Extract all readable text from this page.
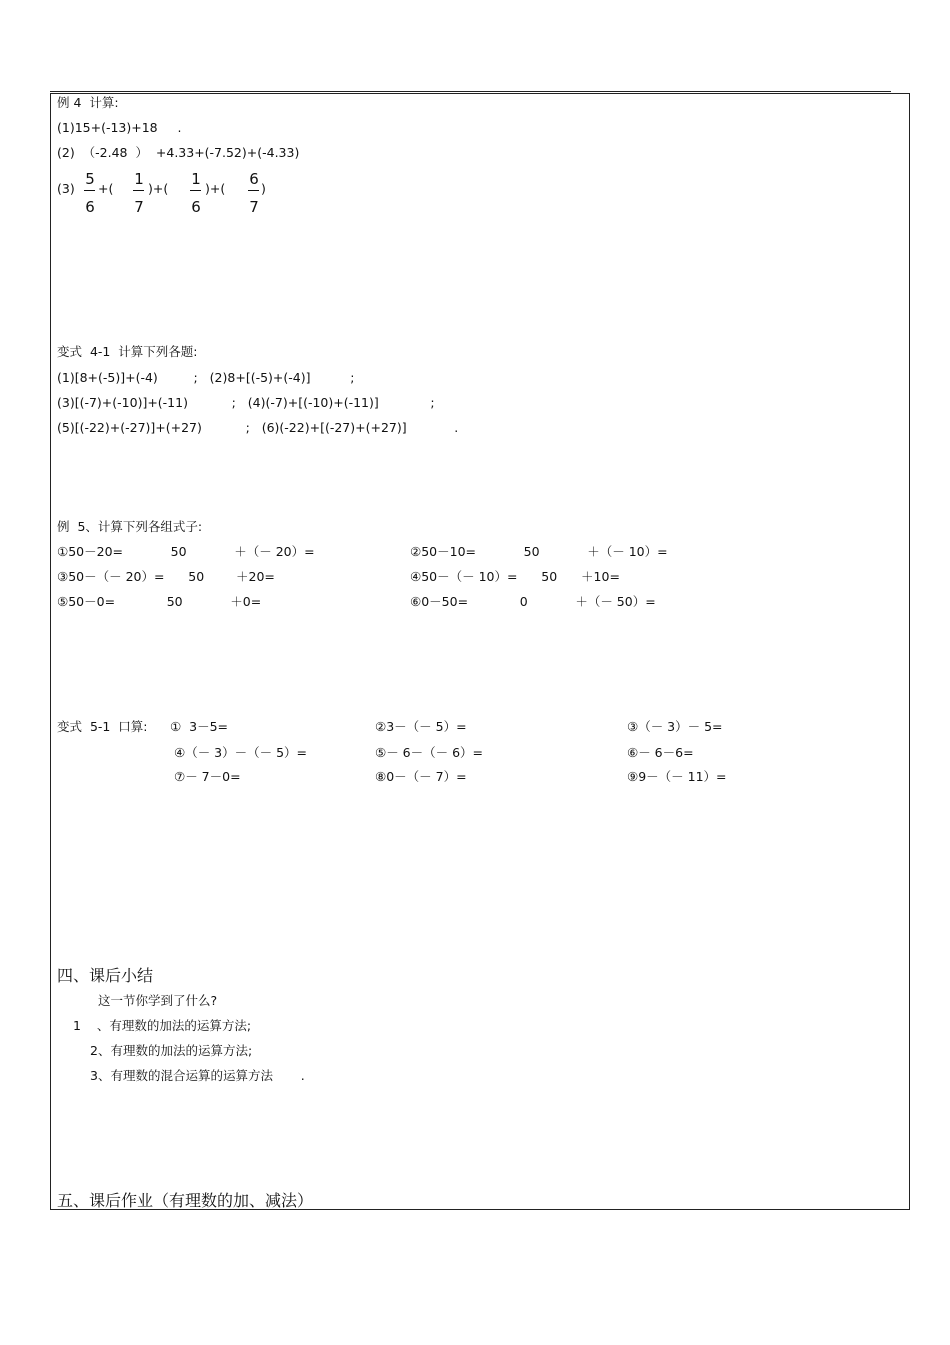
例 4  计算:
(1)15+(-13)+18     .
(2)  （-2.48  ）  +4.33+(-7.52)+(-4.33)
(3)
5
6
+(
1
7
)+(
1
6
)+(
6
7
)
变式  4-1  计算下列各题:
(1)[8+(-5)]+(-4)         ;   (2)8+[(-5)+(-4)]          ;
(3)[(-7)+(-10)]+(-11)           ;   (4)(-7)+[(-10)+(-11)]             ;
(5)[(-22)+(-27)]+(+27)           ;   (6)(-22)+[(-27)+(+27)]            .
例  5、计算下列各组式子:
①50－20=            50            ＋（－ 20）=	②50－10=            50            ＋（－ 10）=
③50－（－ 20）=      50        ＋20=	④50－（－ 10）=      50      ＋10=
⑤50－0=             50            ＋0=	⑥0－50=             0            ＋（－ 50）=
变式  5-1  口算: ①  3－5=	②3－（－ 5）=	③（－ 3）－ 5=
④（－ 3）－（－ 5）=	⑤－ 6－（－ 6）=	⑥－ 6－6=
⑦－ 7－0=	⑧0－（－ 7）=	⑨9－（－ 11）=
四、课后小结
这一节你学到了什么?
1    、有理数的加法的运算方法;
2、有理数的加法的运算方法;
3、有理数的混合运算的运算方法       .
五、课后作业（有理数的加、减法）
